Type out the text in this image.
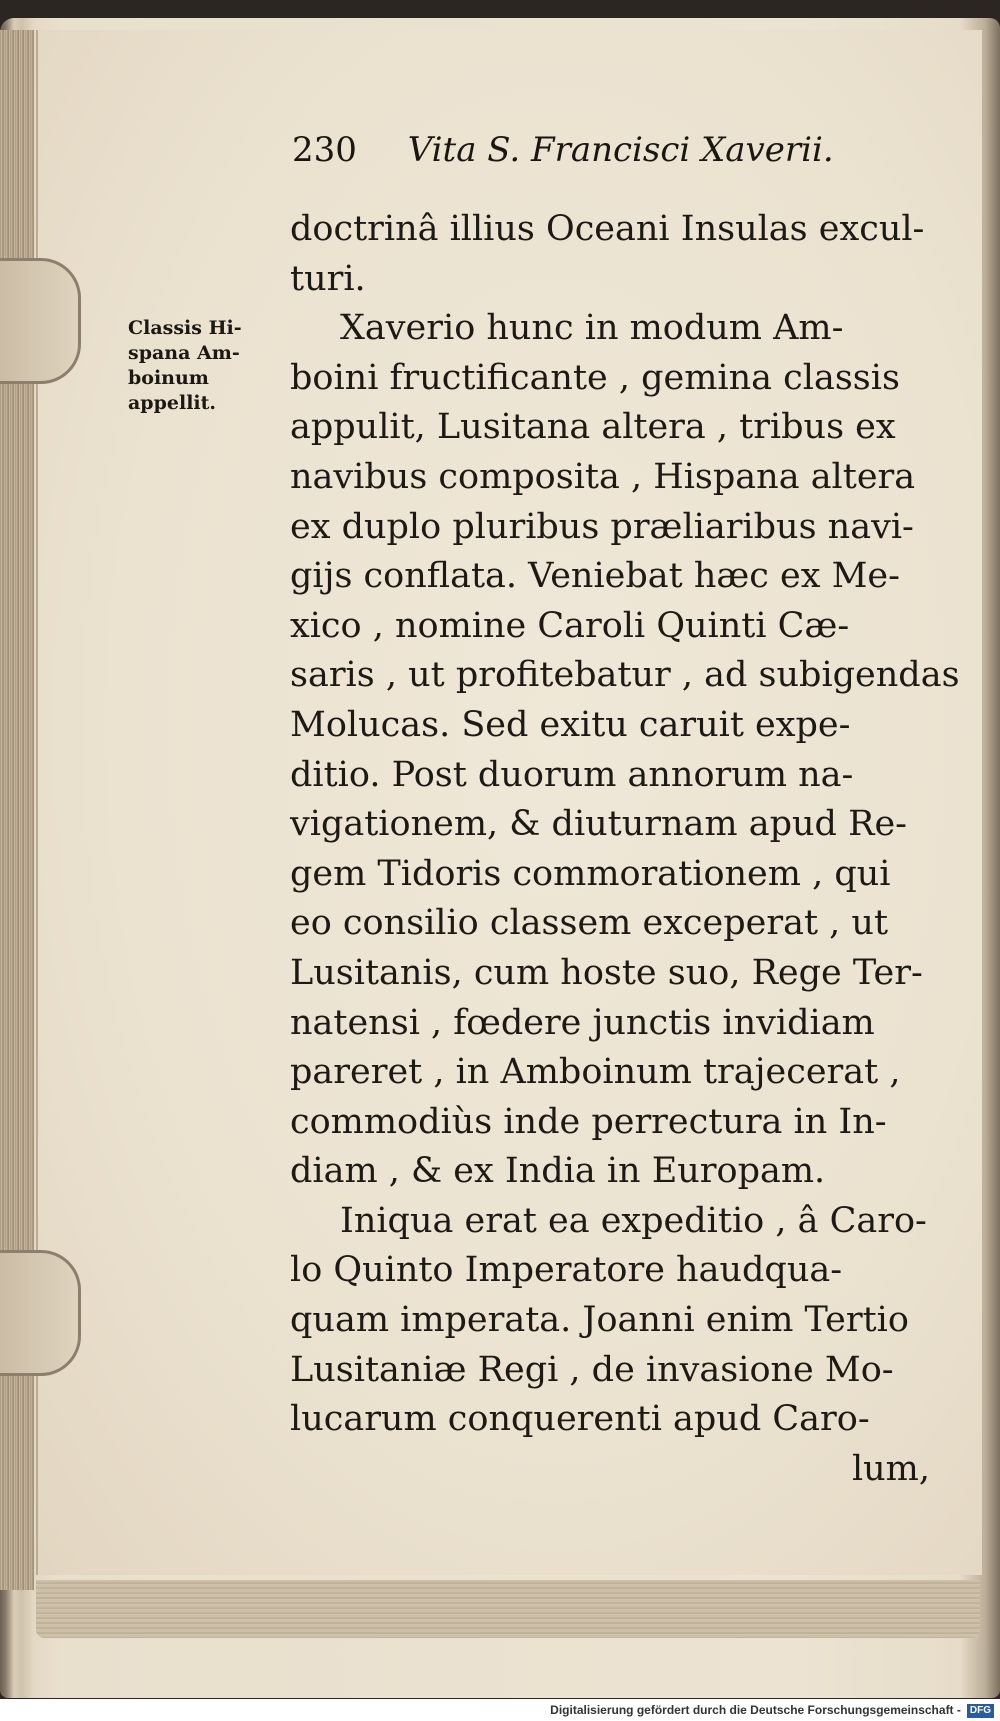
230 Vita S. Francisci Xaverii.
Classis Hi-
spana Am-
boinum
appellit.
doctrinâ illius Oceani Insulas excul-
turi.
Xaverio hunc in modum Am-
boini fructificante , gemina classis
appulit, Lusitana altera , tribus ex
navibus composita , Hispana altera
ex duplo pluribus præliaribus navi-
gijs conflata. Veniebat hæc ex Me-
xico , nomine Caroli Quinti Cæ-
saris , ut profitebatur , ad subigendas
Molucas. Sed exitu caruit expe-
ditio. Post duorum annorum na-
vigationem, & diuturnam apud Re-
gem Tidoris commorationem , qui
eo consilio classem exceperat , ut
Lusitanis, cum hoste suo, Rege Ter-
natensi , fœdere junctis invidiam
pareret , in Amboinum trajecerat ,
commodiùs inde perrectura in In-
diam , & ex India in Europam.
Iniqua erat ea expeditio , â Caro-
lo Quinto Imperatore haudqua-
quam imperata. Joanni enim Tertio
Lusitaniæ Regi , de invasione Mo-
lucarum conquerenti apud Caro-
lum,
Digitalisierung gefördert durch die Deutsche Forschungsgemeinschaft - DFG
